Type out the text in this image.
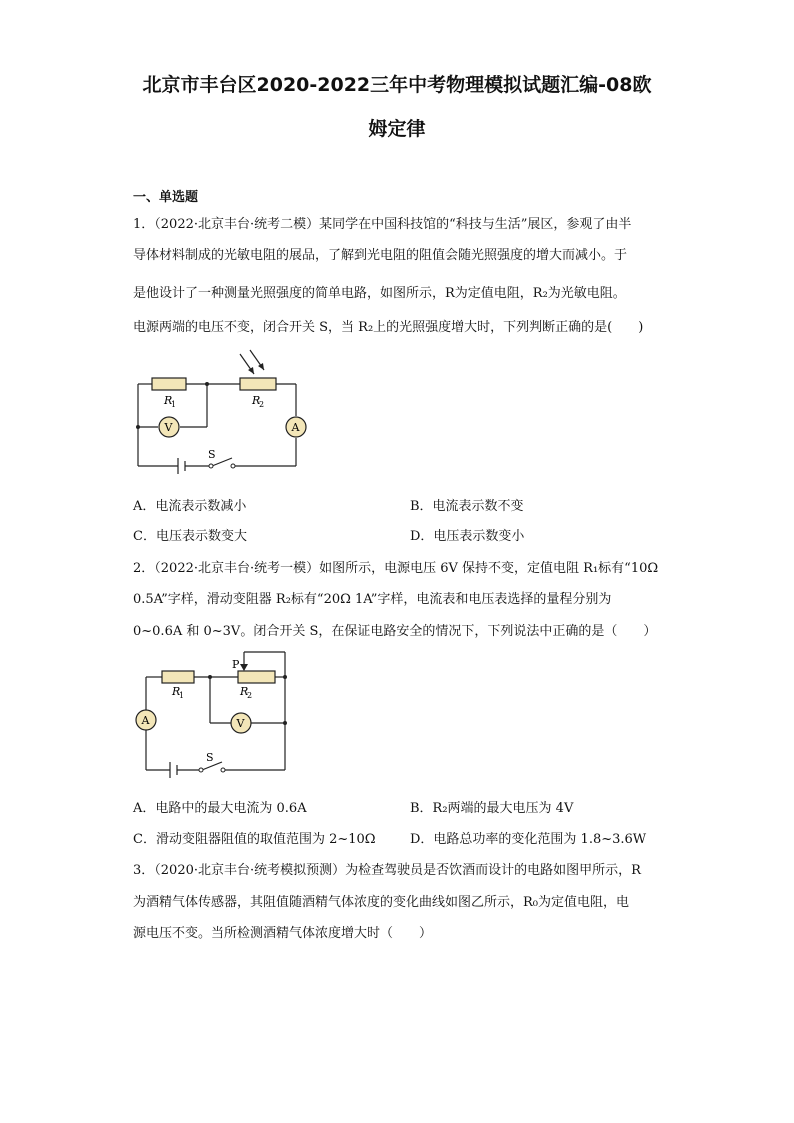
北京市丰台区2020-2022三年中考物理模拟试题汇编-08欧
姆定律
一、单选题
1．（2022·北京丰台·统考二模）某同学在中国科技馆的“科技与生活”展区，参观了由半
导体材料制成的光敏电阻的展品，了解到光电阻的阻值会随光照强度的增大而减小。于
是他设计了一种测量光照强度的简单电路，如图所示，R为定值电阻，R₂为光敏电阻。
电源两端的电压不变，闭合开关 S，当 R₂上的光照强度增大时，下列判断正确的是(　　)
R
1	R
2
V	A
S
A．电流表示数减小	B．电流表示数不变
C．电压表示数变大	D．电压表示数变小
2．（2022·北京丰台·统考一模）如图所示，电源电压 6V 保持不变，定值电阻 R₁标有“10Ω
0.5A”字样，滑动变阻器 R₂标有“20Ω 1A”字样，电流表和电压表选择的量程分别为
0~0.6A 和 0~3V。闭合开关 S，在保证电路安全的情况下，下列说法中正确的是（　　）
P
R
1	R
2
A	V
S
A．电路中的最大电流为 0.6A	B．R₂两端的最大电压为 4V
C．滑动变阻器阻值的取值范围为 2~10Ω	D．电路总功率的变化范围为 1.8~3.6W
3．（2020·北京丰台·统考模拟预测）为检查驾驶员是否饮酒而设计的电路如图甲所示，R
为酒精气体传感器，其阻值随酒精气体浓度的变化曲线如图乙所示，R₀为定值电阻，电
源电压不变。当所检测酒精气体浓度增大时（　　）
